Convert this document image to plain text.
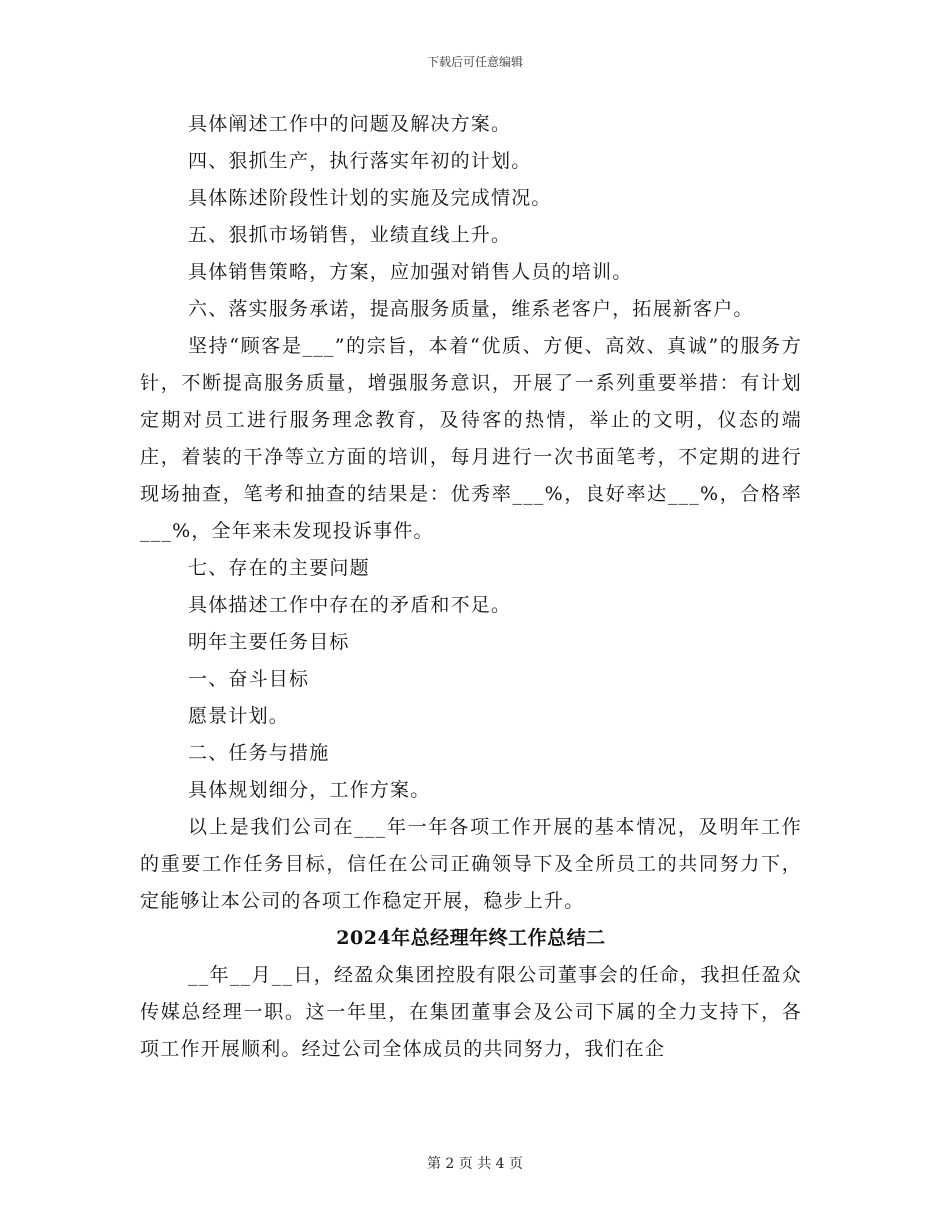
下载后可任意编辑

具体阐述工作中的问题及解决方案。

四、狠抓生产，执行落实年初的计划。

具体陈述阶段性计划的实施及完成情况。

五、狠抓市场销售，业绩直线上升。

具体销售策略，方案，应加强对销售人员的培训。

六、落实服务承诺，提高服务质量，维系老客户，拓展新客户。

坚持“顾客是___”的宗旨，本着“优质、方便、高效、真诚”的服务方针，不断提高服务质量，增强服务意识，开展了一系列重要举措：有计划定期对员工进行服务理念教育，及待客的热情，举止的文明，仪态的端庄，着装的干净等立方面的培训，每月进行一次书面笔考，不定期的进行现场抽查，笔考和抽查的结果是：优秀率___%，良好率达___%，合格率___%，全年来未发现投诉事件。

七、存在的主要问题

具体描述工作中存在的矛盾和不足。

明年主要任务目标

一、奋斗目标

愿景计划。

二、任务与措施

具体规划细分，工作方案。

以上是我们公司在___年一年各项工作开展的基本情况，及明年工作的重要工作任务目标，信任在公司正确领导下及全所员工的共同努力下，定能够让本公司的各项工作稳定开展，稳步上升。

2024年总经理年终工作总结二

__年__月__日，经盈众集团控股有限公司董事会的任命，我担任盈众传媒总经理一职。这一年里，在集团董事会及公司下属的全力支持下，各项工作开展顺利。经过公司全体成员的共同努力，我们在企

第 2 页 共 4 页
